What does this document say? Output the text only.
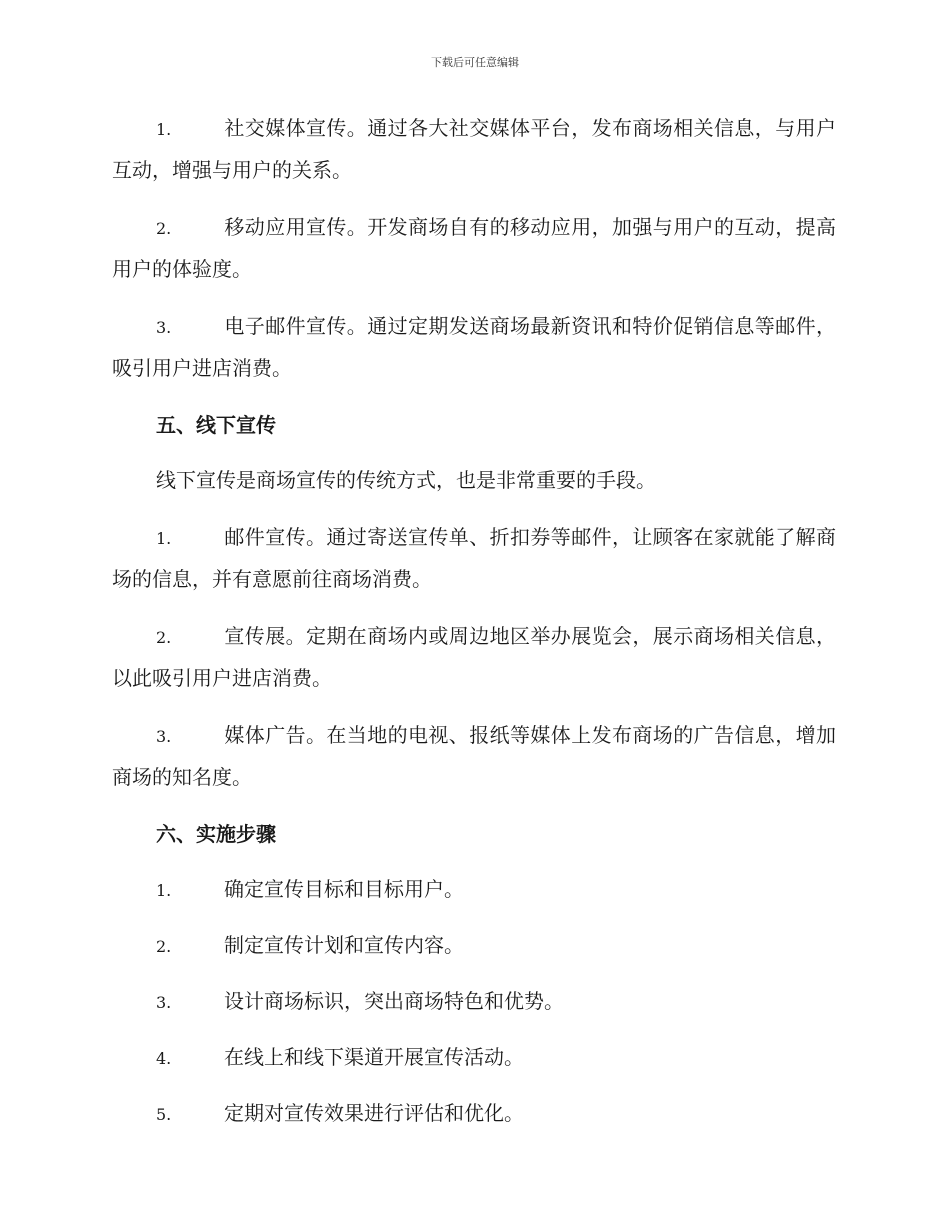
下载后可任意编辑

1.	社交媒体宣传。通过各大社交媒体平台，发布商场相关信息，与用户互动，增强与用户的关系。

2.	移动应用宣传。开发商场自有的移动应用，加强与用户的互动，提高用户的体验度。

3.	电子邮件宣传。通过定期发送商场最新资讯和特价促销信息等邮件，吸引用户进店消费。

五、线下宣传

线下宣传是商场宣传的传统方式，也是非常重要的手段。

1.	邮件宣传。通过寄送宣传单、折扣券等邮件，让顾客在家就能了解商场的信息，并有意愿前往商场消费。

2.	宣传展。定期在商场内或周边地区举办展览会，展示商场相关信息，以此吸引用户进店消费。

3.	媒体广告。在当地的电视、报纸等媒体上发布商场的广告信息，增加商场的知名度。

六、实施步骤

1.	确定宣传目标和目标用户。

2.	制定宣传计划和宣传内容。

3.	设计商场标识，突出商场特色和优势。

4.	在线上和线下渠道开展宣传活动。

5.	定期对宣传效果进行评估和优化。
